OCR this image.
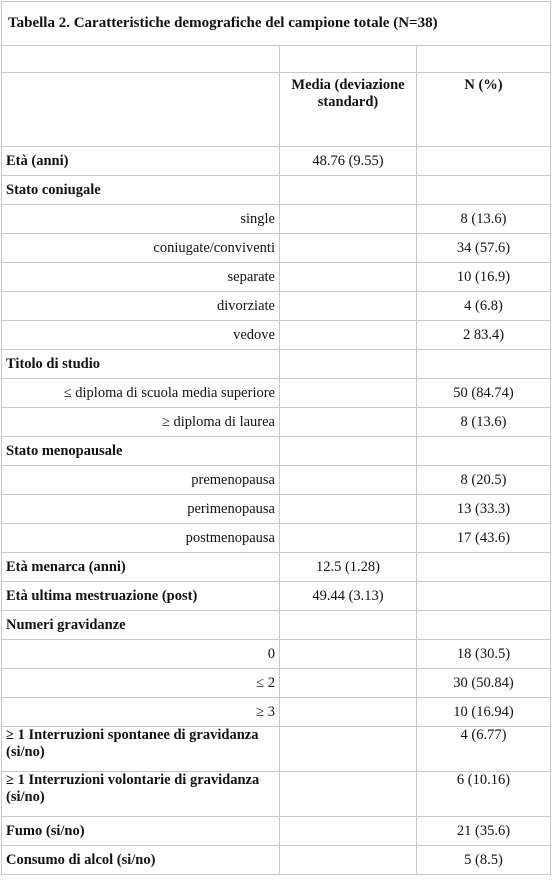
Tabella 2. Caratteristiche demografiche del campione totale (N=38)		

	Media (deviazione standard)	N (%)
Età (anni)	48.76 (9.55)	
Stato coniugale		
single		8 (13.6)
coniugate/conviventi		34 (57.6)
separate		10 (16.9)
divorziate		4 (6.8)
vedove		2 83.4)
Titolo di studio		
≤ diploma di scuola media superiore		50 (84.74)
≥ diploma di laurea		8 (13.6)
Stato menopausale		
premenopausa		8 (20.5)
perimenopausa		13 (33.3)
postmenopausa		17 (43.6)
Età menarca (anni)	12.5 (1.28)	
Età ultima mestruazione (post)	49.44 (3.13)	
Numeri gravidanze		
0		18 (30.5)
≤ 2		30 (50.84)
≥ 3		10 (16.94)
≥ 1 Interruzioni spontanee di gravidanza (si/no)		4 (6.77)
≥ 1 Interruzioni volontarie di gravidanza (si/no)		6 (10.16)
Fumo (si/no)		21 (35.6)
Consumo di alcol (si/no)		5 (8.5)
